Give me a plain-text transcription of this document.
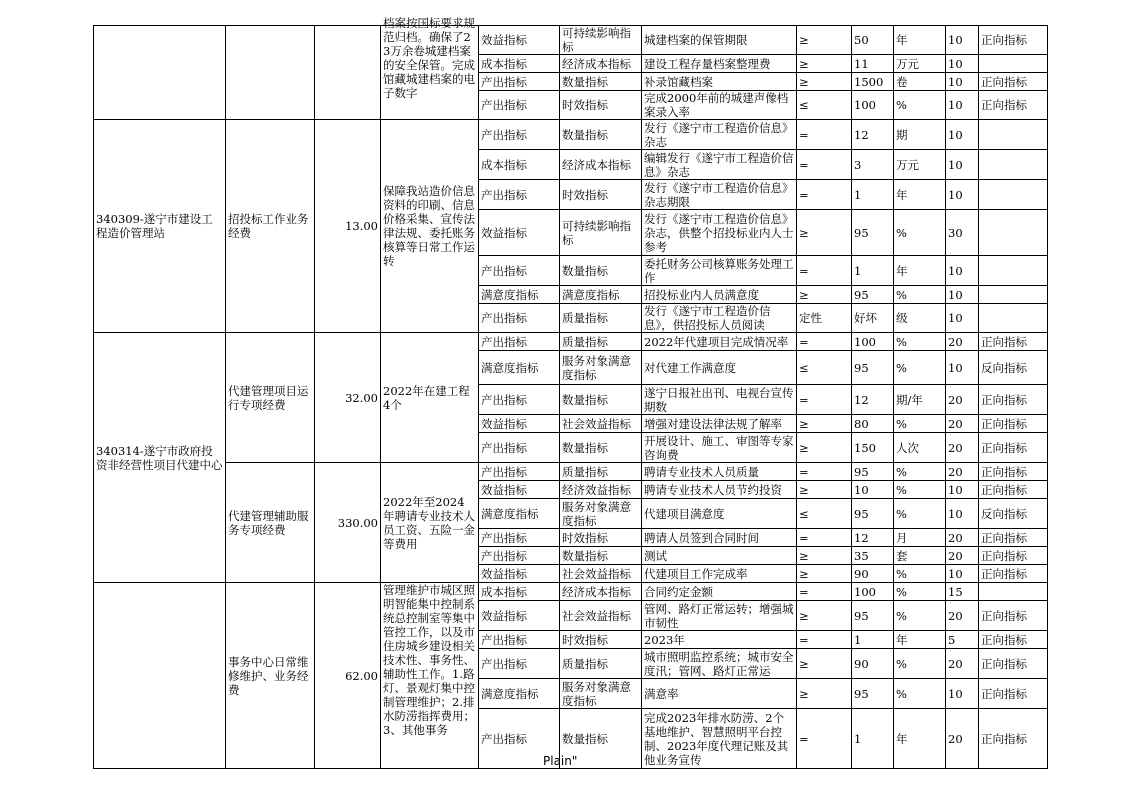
			档案按国标要求规范归档。确保了23万余卷城建档案的安全保管。完成馆藏城建档案的电子数字	效益指标	可持续影响指标	城建档案的保管期限	≥	50	年	10	正向指标
				成本指标	经济成本指标	建设工程存量档案整理费	≥	11	万元	10	
				产出指标	数量指标	补录馆藏档案	≥	1500	卷	10	正向指标
				产出指标	时效指标	完成2000年前的城建声像档案录入率	≤	100	%	10	正向指标
340309-遂宁市建设工程造价管理站	招投标工作业务经费	13.00	保障我站造价信息资料的印刷、信息价格采集、宣传法律法规、委托账务核算等日常工作运转	产出指标	数量指标	发行《遂宁市工程造价信息》杂志	=	12	期	10	
				成本指标	经济成本指标	编辑发行《遂宁市工程造价信息》杂志	=	3	万元	10	
				产出指标	时效指标	发行《遂宁市工程造价信息》杂志期限	=	1	年	10	
				效益指标	可持续影响指标	发行《遂宁市工程造价信息》杂志，供整个招投标业内人士参考	≥	95	%	30	
				产出指标	数量指标	委托财务公司核算账务处理工作	=	1	年	10	
				满意度指标	满意度指标	招投标业内人员满意度	≥	95	%	10	
				产出指标	质量指标	发行《遂宁市工程造价信息》，供招投标人员阅读	定性	好坏	级	10	
340314-遂宁市政府投资非经营性项目代建中心	代建管理项目运行专项经费	32.00	2022年在建工程4个	产出指标	质量指标	2022年代建项目完成情况率	=	100	%	20	正向指标
				满意度指标	服务对象满意度指标	对代建工作满意度	≤	95	%	10	反向指标
				产出指标	数量指标	遂宁日报社出刊、电视台宣传期数	=	12	期/年	20	正向指标
				效益指标	社会效益指标	增强对建设法律法规了解率	≥	80	%	20	正向指标
				产出指标	数量指标	开展设计、施工、审图等专家咨询费	≥	150	人次	20	正向指标
	代建管理辅助服务专项经费	330.00	2022年至2024年聘请专业技术人员工资、五险一金等费用	产出指标	质量指标	聘请专业技术人员质量	=	95	%	20	正向指标
				效益指标	经济效益指标	聘请专业技术人员节约投资	≥	10	%	10	正向指标
				满意度指标	服务对象满意度指标	代建项目满意度	≤	95	%	10	反向指标
				产出指标	时效指标	聘请人员签到合同时间	=	12	月	20	正向指标
				产出指标	数量指标	测试	≥	35	套	20	正向指标
				效益指标	社会效益指标	代建项目工作完成率	≥	90	%	10	正向指标
	事务中心日常维修维护、业务经费	62.00	管理维护市城区照明智能集中控制系统总控制室等集中管控工作，以及市住房城乡建设相关技术性、事务性、辅助性工作。1.路灯、景观灯集中控制管理维护；2.排水防涝指挥费用；3、其他事务	成本指标	经济成本指标	合同约定金额	=	100	%	15	
				效益指标	社会效益指标	管网、路灯正常运转；增强城市韧性	≥	95	%	20	正向指标
				产出指标	时效指标	2023年	=	1	年	5	正向指标
				产出指标	质量指标	城市照明监控系统；城市安全度汛；管网、路灯正常运	≥	90	%	20	正向指标
				满意度指标	服务对象满意度指标	满意率	≥	95	%	10	正向指标
				产出指标	数量指标	完成2023年排水防涝、2个基地维护、智慧照明平台控制、2023年度代理记账及其他业务宣传	=	1	年	20	正向指标
Plain"
